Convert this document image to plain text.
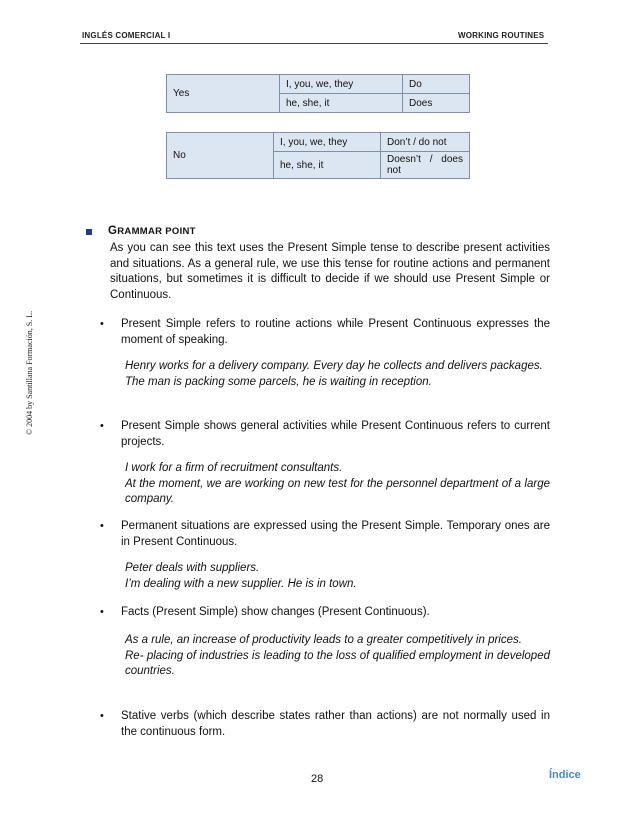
INGLÉS COMERCIAL I	WORKING ROUTINES
© 2004 by Santillana Formación, S. L.
Yes	I, you, we, they	Do
	he, she, it	Does
No	I, you, we, they	Don’t / do not
	he, she, it	Doesn’t / does not
GRAMMAR POINT
As you can see this text uses the Present Simple tense to describe present activities and situations. As a general rule, we use this tense for routine actions and permanent situations, but sometimes it is difficult to decide if we should use Present Simple or Continuous.
• Present Simple refers to routine actions while Present Continuous expresses the moment of speaking.
Henry works for a delivery company. Every day he collects and delivers packages.
The man is packing some parcels, he is waiting in reception.
• Present Simple shows general activities while Present Continuous refers to current projects.
I work for a firm of recruitment consultants.
At the moment, we are working on new test for the personnel department of a large company.
• Permanent situations are expressed using the Present Simple. Temporary ones are in Present Continuous.
Peter deals with suppliers.
I’m dealing with a new supplier. He is in town.
• Facts (Present Simple) show changes (Present Continuous).
As a rule, an increase of productivity leads to a greater competitively in prices.
Re- placing of industries is leading to the loss of qualified employment in developed countries.
• Stative verbs (which describe states rather than actions) are not normally used in the continuous form.
28	Índice
